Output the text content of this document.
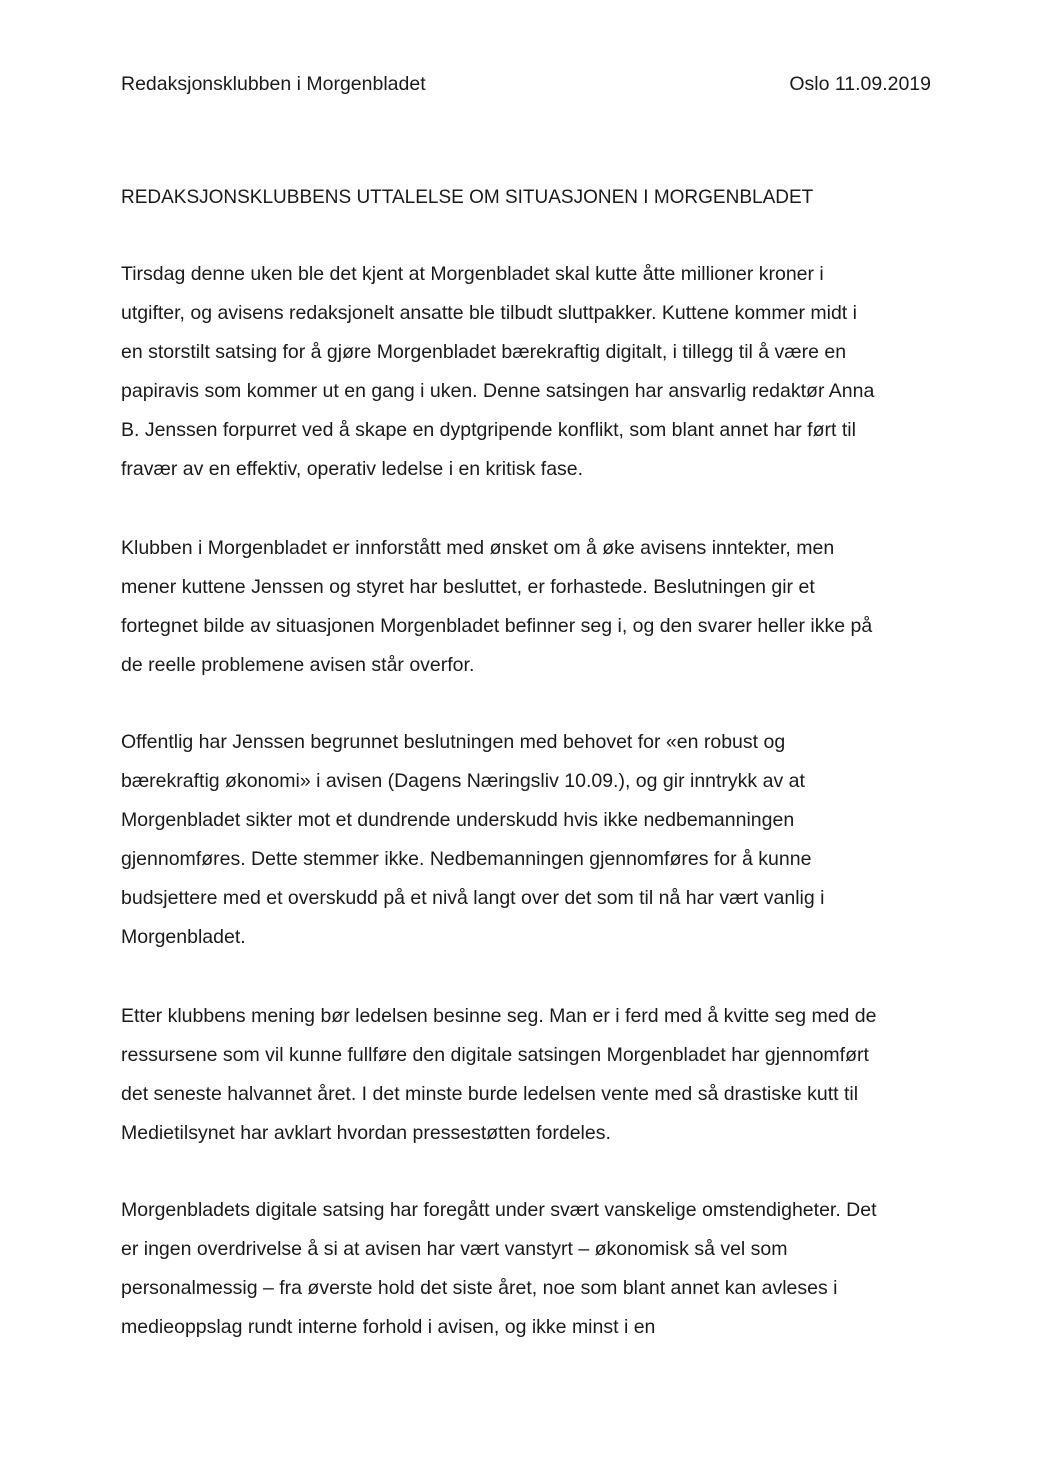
Redaksjonsklubben i Morgenbladet	Oslo 11.09.2019
REDAKSJONSKLUBBENS UTTALELSE OM SITUASJONEN I MORGENBLADET
Tirsdag denne uken ble det kjent at Morgenbladet skal kutte åtte millioner kroner i
utgifter, og avisens redaksjonelt ansatte ble tilbudt sluttpakker. Kuttene kommer midt i
en storstilt satsing for å gjøre Morgenbladet bærekraftig digitalt, i tillegg til å være en
papiravis som kommer ut en gang i uken. Denne satsingen har ansvarlig redaktør Anna
B. Jenssen forpurret ved å skape en dyptgripende konflikt, som blant annet har ført til
fravær av en effektiv, operativ ledelse i en kritisk fase.
Klubben i Morgenbladet er innforstått med ønsket om å øke avisens inntekter, men
mener kuttene Jenssen og styret har besluttet, er forhastede. Beslutningen gir et
fortegnet bilde av situasjonen Morgenbladet befinner seg i, og den svarer heller ikke på
de reelle problemene avisen står overfor.
Offentlig har Jenssen begrunnet beslutningen med behovet for «en robust og
bærekraftig økonomi» i avisen (Dagens Næringsliv 10.09.), og gir inntrykk av at
Morgenbladet sikter mot et dundrende underskudd hvis ikke nedbemanningen
gjennomføres. Dette stemmer ikke. Nedbemanningen gjennomføres for å kunne
budsjettere med et overskudd på et nivå langt over det som til nå har vært vanlig i
Morgenbladet.
Etter klubbens mening bør ledelsen besinne seg. Man er i ferd med å kvitte seg med de
ressursene som vil kunne fullføre den digitale satsingen Morgenbladet har gjennomført
det seneste halvannet året. I det minste burde ledelsen vente med så drastiske kutt til
Medietilsynet har avklart hvordan pressestøtten fordeles.
Morgenbladets digitale satsing har foregått under svært vanskelige omstendigheter. Det
er ingen overdrivelse å si at avisen har vært vanstyrt – økonomisk så vel som
personalmessig – fra øverste hold det siste året, noe som blant annet kan avleses i
medieoppslag rundt interne forhold i avisen, og ikke minst i en
